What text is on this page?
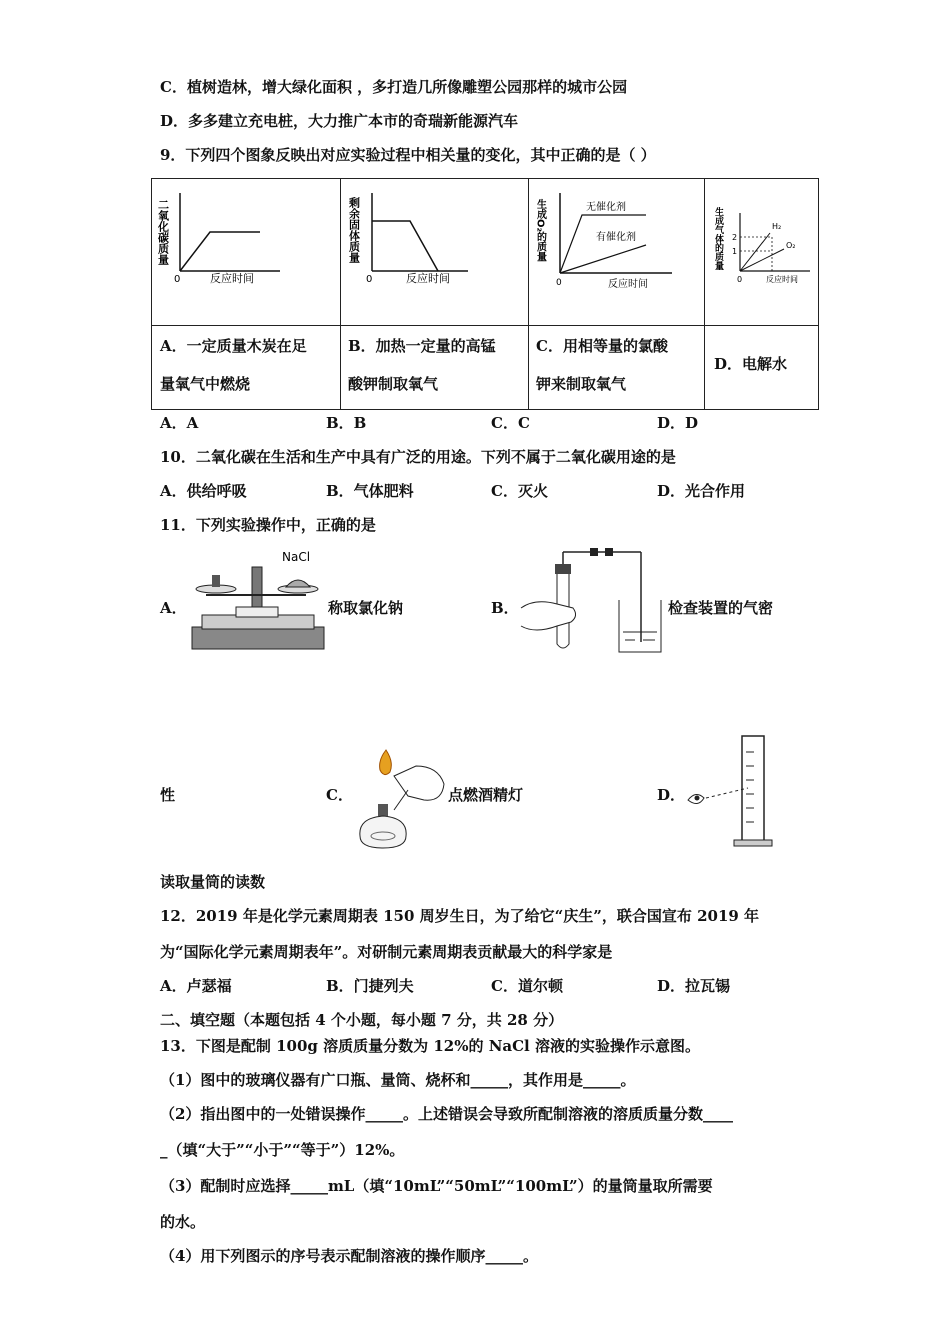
C．植树造林，增大绿化面积 ，多打造几所像雕塑公园那样的城市公园
D．多多建立充电桩，大力推广本市的奇瑞新能源汽车
9．下列四个图象反映出对应实验过程中相关量的变化，其中正确的是（ ）
二氧化碳质量
0	反应时间
剩余固体质量
0	反应时间
生成O₂的质量	无催化剂
有催化剂
0	反应时间
生成气体的质量 2
1
H₂
O₂
0	反应时间
A．一定质量木炭在足
量氧气中燃烧
B．加热一定量的高锰
酸钾制取氧气
C．用相等量的氯酸
钾来制取氧气
D．电解水
A．A	B．B	C．C	D．D
10．二氧化碳在生活和生产中具有广泛的用途。下列不属于二氧化碳用途的是
A．供给呼吸	B．气体肥料	C．灭火	D．光合作用
11．下列实验操作中，正确的是
A．
NaCl
称取氯化钠	B．	检查装置的气密
性	C．	点燃酒精灯	D．
读取量筒的读数
12．2019 年是化学元素周期表 150 周岁生日，为了给它“庆生”，联合国宣布 2019 年
为“国际化学元素周期表年”。对研制元素周期表贡献最大的科学家是
A．卢瑟福	B．门捷列夫	C．道尔顿	D．拉瓦锡
二、填空题（本题包括 4 个小题，每小题 7 分，共 28 分）
13．下图是配制 100g 溶质质量分数为 12%的 NaCl 溶液的实验操作示意图。
（1）图中的玻璃仪器有广口瓶、量筒、烧杯和_____，其作用是_____。
（2）指出图中的一处错误操作_____。上述错误会导致所配制溶液的溶质质量分数____
_（填“大于”“小于”“等于”）12%。
（3）配制时应选择_____mL（填“10mL”“50mL”“100mL”）的量筒量取所需要
的水。
（4）用下列图示的序号表示配制溶液的操作顺序_____。
